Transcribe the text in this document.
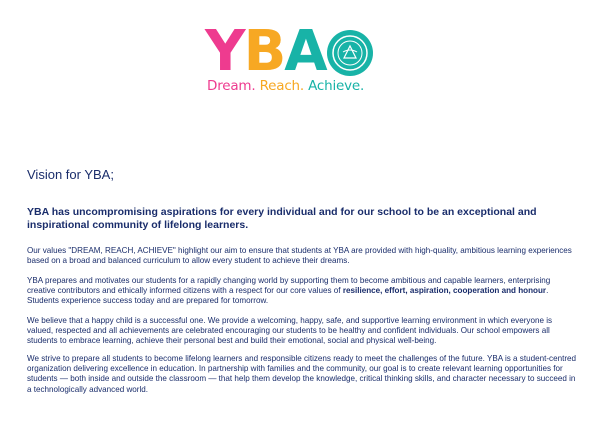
YBA
Dream. Reach. Achieve.
Vision for YBA;

YBA has uncompromising aspirations for every individual and for our school to be an exceptional and inspirational community of lifelong learners.

Our values "DREAM, REACH, ACHIEVE" highlight our aim to ensure that students at YBA are provided with high-quality, ambitious learning experiences based on a broad and balanced curriculum to allow every student to achieve their dreams.

YBA prepares and motivates our students for a rapidly changing world by supporting them to become ambitious and capable learners, enterprising creative contributors and ethically informed citizens with a respect for our core values of resilience, effort, aspiration, cooperation and honour. Students experience success today and are prepared for tomorrow.

We believe that a happy child is a successful one. We provide a welcoming, happy, safe, and supportive learning environment in which everyone is valued, respected and all achievements are celebrated encouraging our students to be healthy and confident individuals. Our school empowers all students to embrace learning, achieve their personal best and build their emotional, social and physical well-being.

We strive to prepare all students to become lifelong learners and responsible citizens ready to meet the challenges of the future. YBA is a student-centred organization delivering excellence in education. In partnership with families and the community, our goal is to create relevant learning opportunities for students — both inside and outside the classroom — that help them develop the knowledge, critical thinking skills, and character necessary to succeed in a technologically advanced world.
